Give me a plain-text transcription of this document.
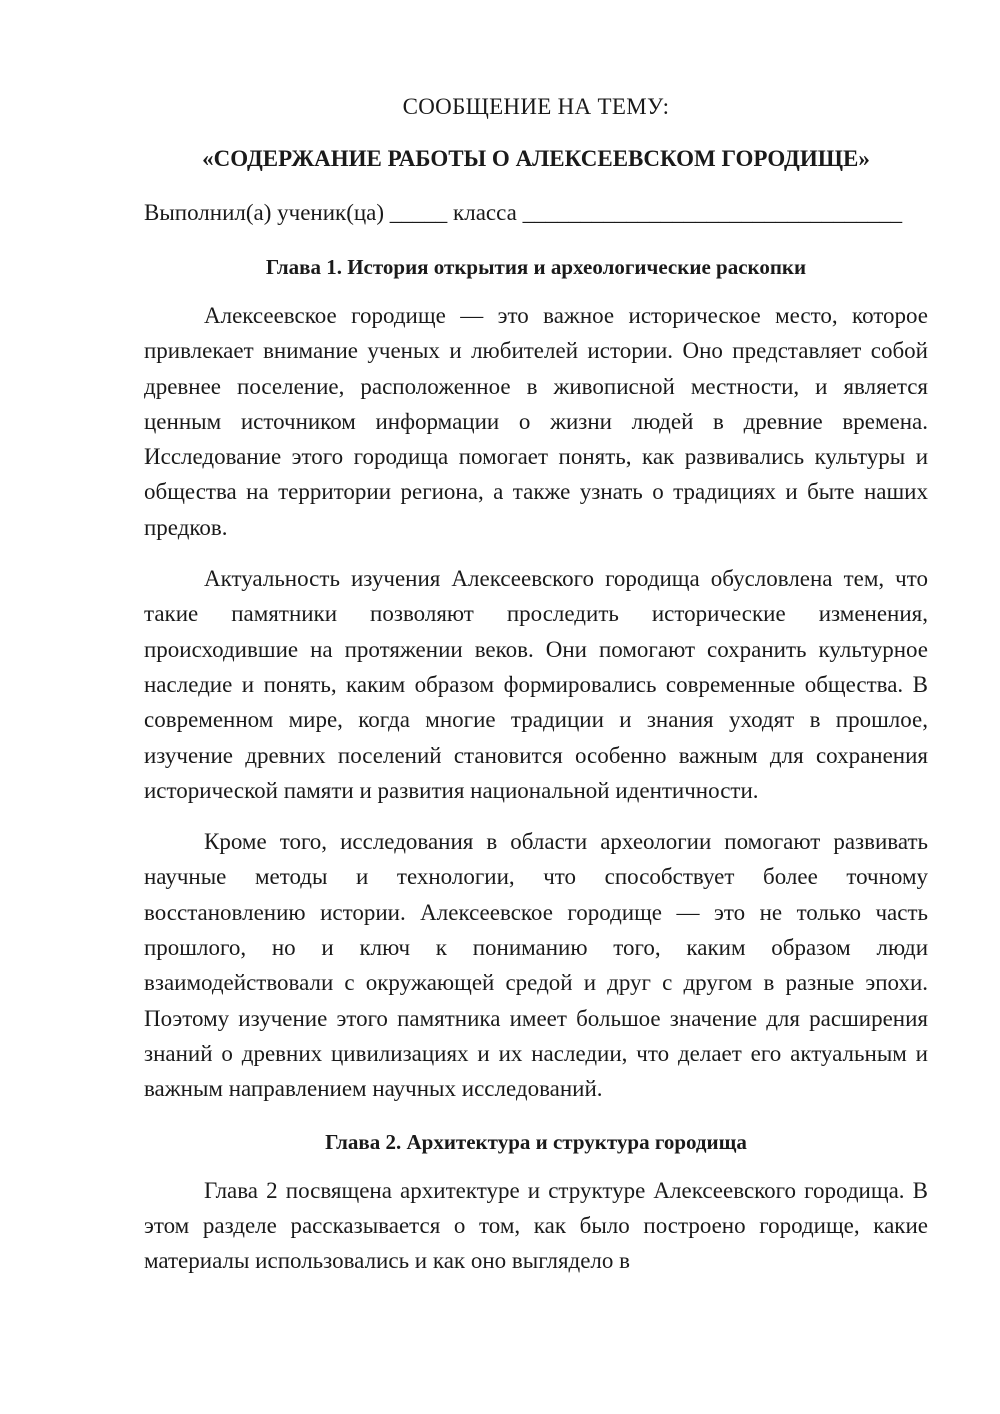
СООБЩЕНИЕ НА ТЕМУ:

«СОДЕРЖАНИЕ РАБОТЫ О АЛЕКСЕЕВСКОМ ГОРОДИЩЕ»

Выполнил(а) ученик(ца) _____ класса _________________________________

Глава 1. История открытия и археологические раскопки

Алексеевское городище — это важное историческое место, которое привлекает внимание ученых и любителей истории. Оно представляет собой древнее поселение, расположенное в живописной местности, и является ценным источником информации о жизни людей в древние времена. Исследование этого городища помогает понять, как развивались культуры и общества на территории региона, а также узнать о традициях и быте наших предков.

Актуальность изучения Алексеевского городища обусловлена тем, что такие памятники позволяют проследить исторические изменения, происходившие на протяжении веков. Они помогают сохранить культурное наследие и понять, каким образом формировались современные общества. В современном мире, когда многие традиции и знания уходят в прошлое, изучение древних поселений становится особенно важным для сохранения исторической памяти и развития национальной идентичности.

Кроме того, исследования в области археологии помогают развивать научные методы и технологии, что способствует более точному восстановлению истории. Алексеевское городище — это не только часть прошлого, но и ключ к пониманию того, каким образом люди взаимодействовали с окружающей средой и друг с другом в разные эпохи. Поэтому изучение этого памятника имеет большое значение для расширения знаний о древних цивилизациях и их наследии, что делает его актуальным и важным направлением научных исследований.

Глава 2. Архитектура и структура городища

Глава 2 посвящена архитектуре и структуре Алексеевского городища. В этом разделе рассказывается о том, как было построено городище, какие материалы использовались и как оно выглядело в
